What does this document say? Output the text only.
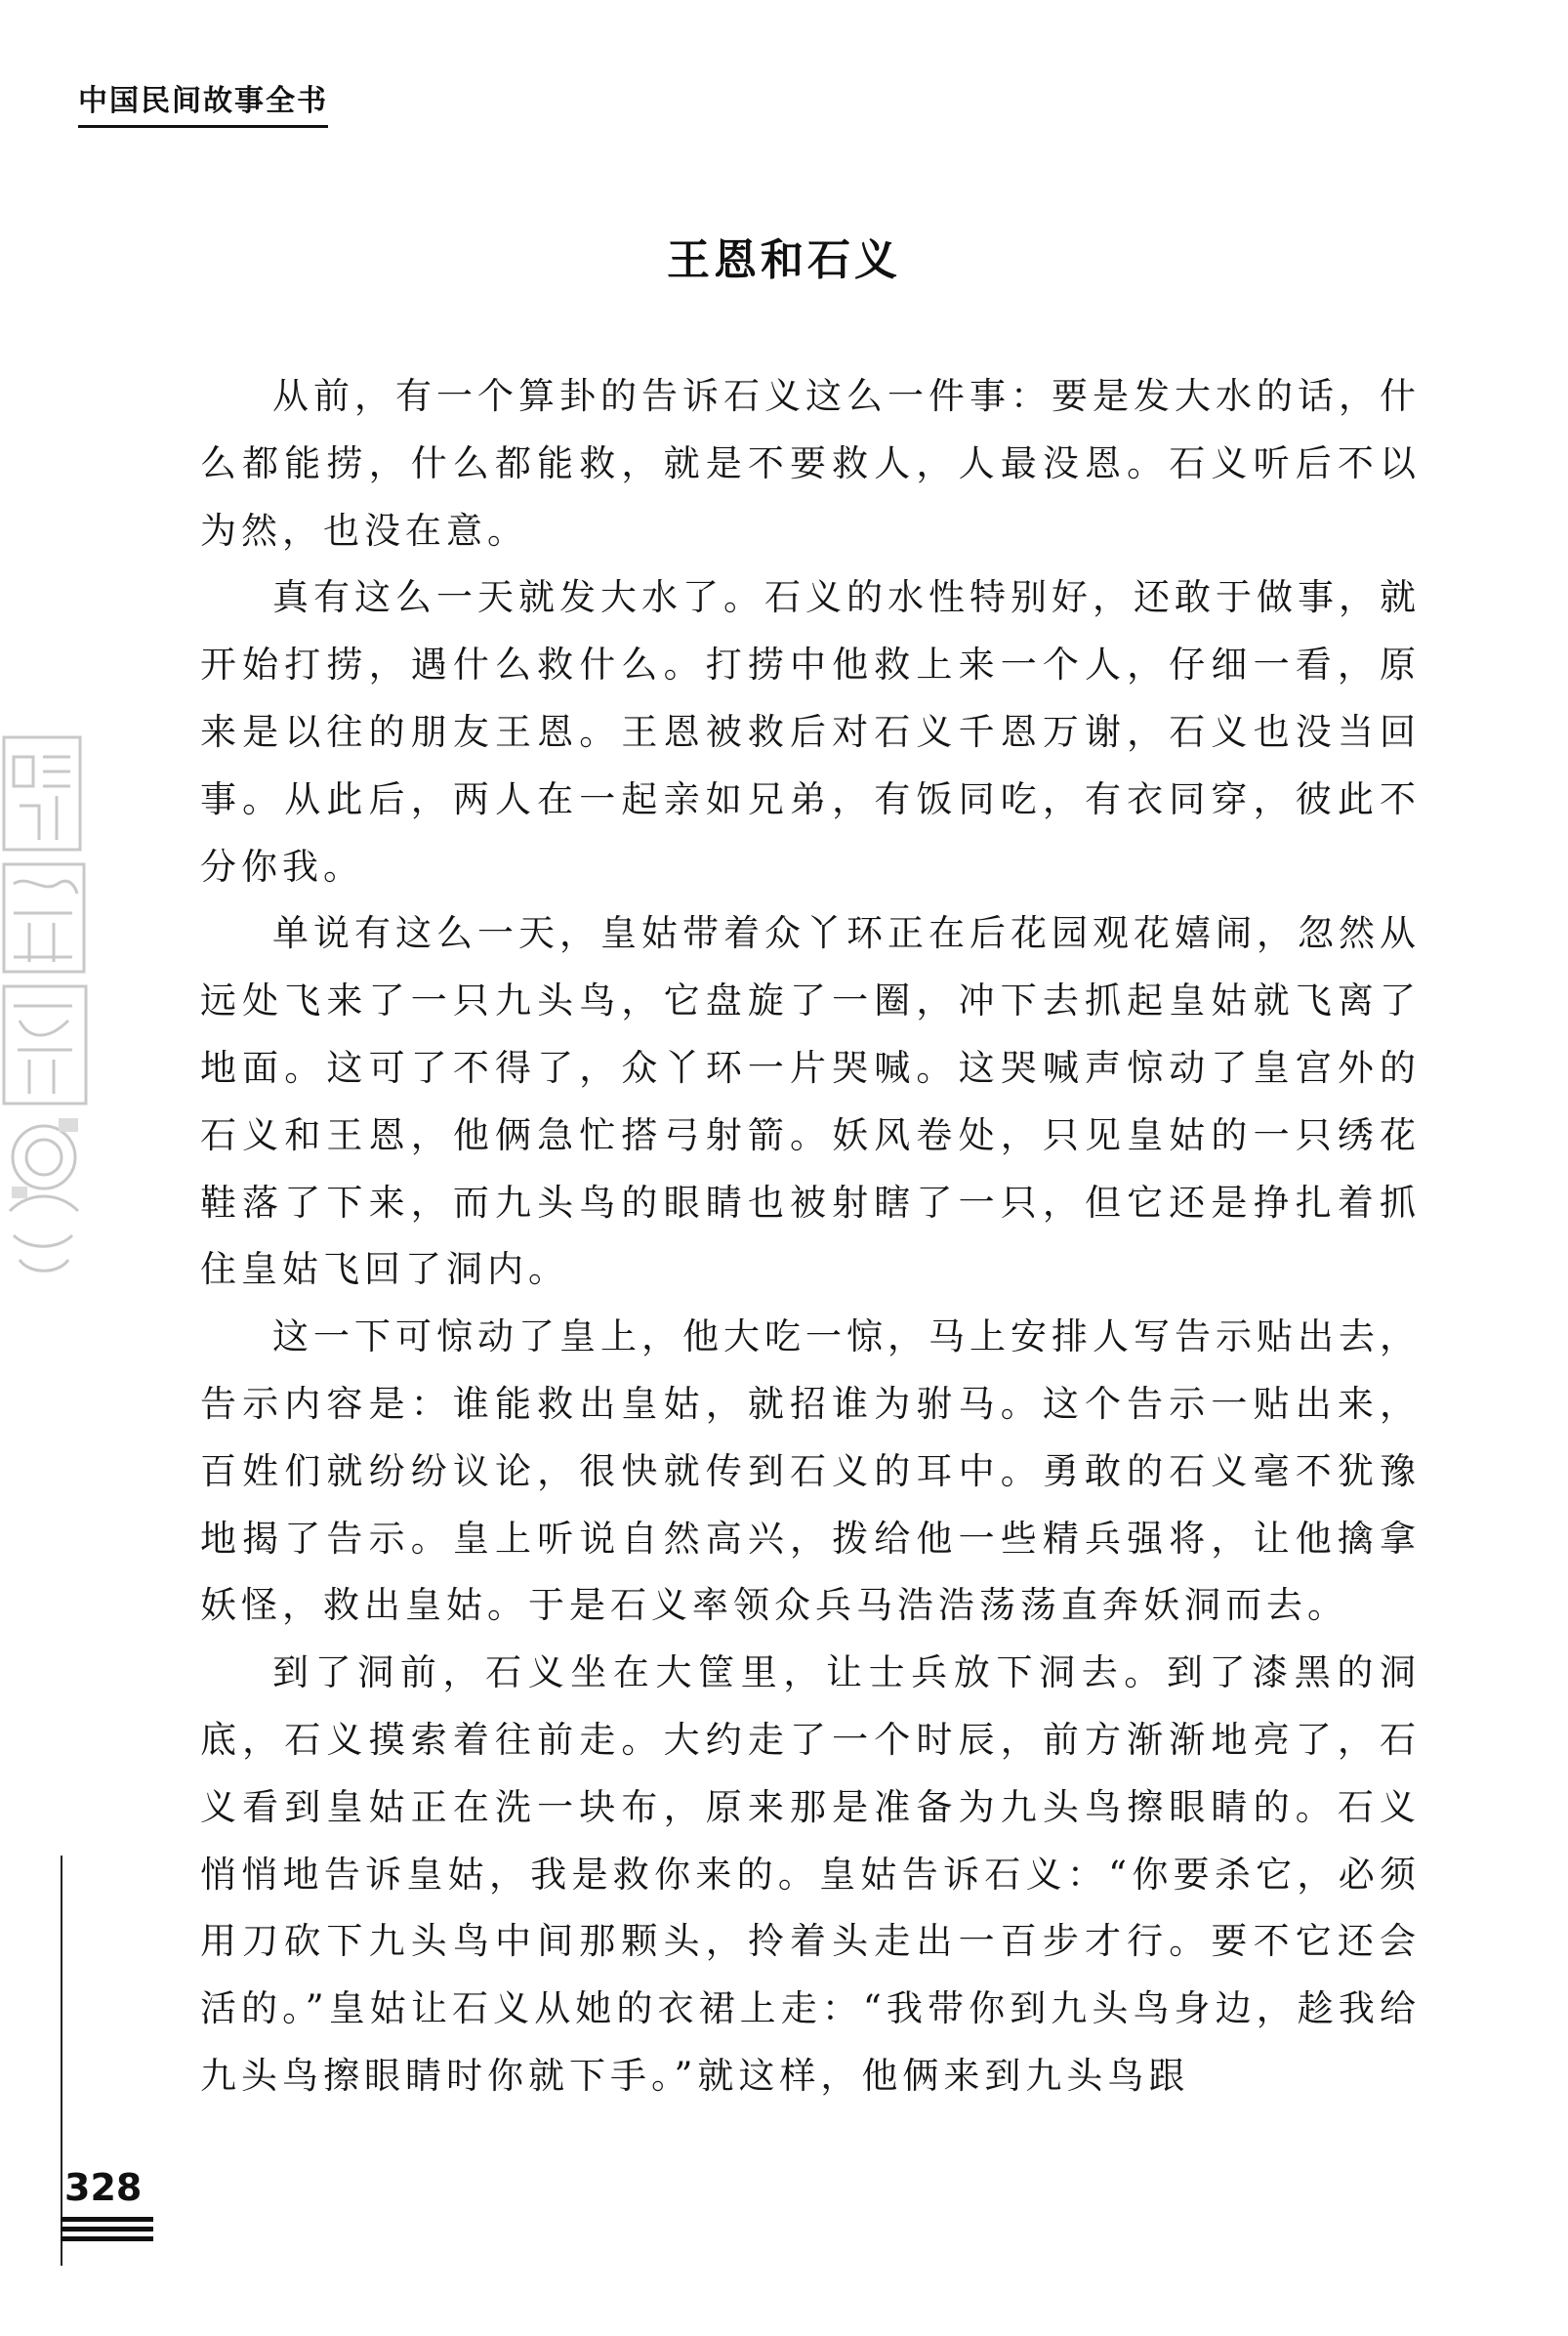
中国民间故事全书
王恩和石义

从前，有一个算卦的告诉石义这么一件事：要是发大水的话，什么都能捞，什么都能救，就是不要救人，人最没恩。石义听后不以为然，也没在意。

真有这么一天就发大水了。石义的水性特别好，还敢于做事，就开始打捞，遇什么救什么。打捞中他救上来一个人，仔细一看，原来是以往的朋友王恩。王恩被救后对石义千恩万谢，石义也没当回事。从此后，两人在一起亲如兄弟，有饭同吃，有衣同穿，彼此不分你我。

单说有这么一天，皇姑带着众丫环正在后花园观花嬉闹，忽然从远处飞来了一只九头鸟，它盘旋了一圈，冲下去抓起皇姑就飞离了地面。这可了不得了，众丫环一片哭喊。这哭喊声惊动了皇宫外的石义和王恩，他俩急忙搭弓射箭。妖风卷处，只见皇姑的一只绣花鞋落了下来，而九头鸟的眼睛也被射瞎了一只，但它还是挣扎着抓住皇姑飞回了洞内。

这一下可惊动了皇上，他大吃一惊，马上安排人写告示贴出去，告示内容是：谁能救出皇姑，就招谁为驸马。这个告示一贴出来，百姓们就纷纷议论，很快就传到石义的耳中。勇敢的石义毫不犹豫地揭了告示。皇上听说自然高兴，拨给他一些精兵强将，让他擒拿妖怪，救出皇姑。于是石义率领众兵马浩浩荡荡直奔妖洞而去。

到了洞前，石义坐在大筐里，让士兵放下洞去。到了漆黑的洞底，石义摸索着往前走。大约走了一个时辰，前方渐渐地亮了，石义看到皇姑正在洗一块布，原来那是准备为九头鸟擦眼睛的。石义悄悄地告诉皇姑，我是救你来的。皇姑告诉石义：“你要杀它，必须用刀砍下九头鸟中间那颗头，拎着头走出一百步才行。要不它还会活的。”皇姑让石义从她的衣裙上走：“我带你到九头鸟身边，趁我给九头鸟擦眼睛时你就下手。”就这样，他俩来到九头鸟跟

328
